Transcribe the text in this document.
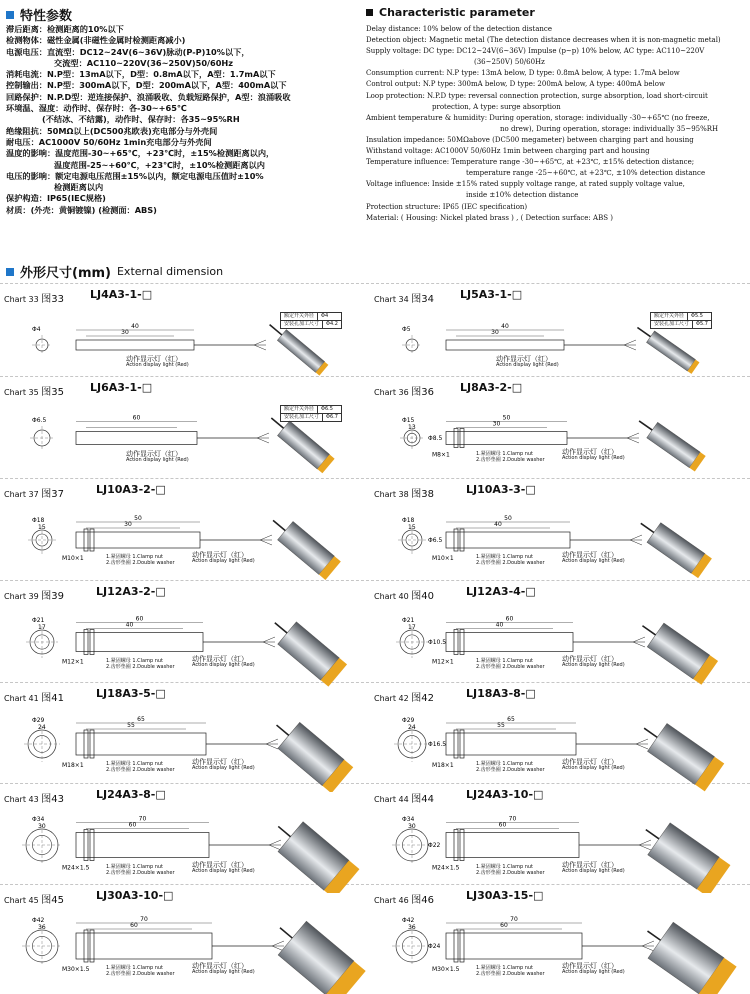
特性参数	Characteristic parameter
滞后距离：检测距离的10%以下
检测物体：磁性金属(非磁性金属时检测距离减小)
电源电压：直流型：DC12~24V(6~36V)脉动(P-P)10%以下，
交流型：AC110~220V(36~250V)50/60Hz
消耗电流：N.P型：13mA以下，D型：0.8mA以下，A型：1.7mA以下
控制输出：N.P型：300mA以下，D型：200mA以下，A型：400mA以下
回路保护：N.P.D型：逆连接保护、浪涌吸收、负载短路保护，A型：浪涌吸收
环境温、湿度：动作时、保存时：各-30~+65℃
(不结冰、不结露)，动作时、保存时：各35~95%RH
绝缘阻抗：50MΩ以上(DC500兆欧表)充电部分与外壳间
耐电压：AC1000V 50/60Hz 1min充电部分与外壳间
温度的影响：温度范围-30~+65℃，+23℃时，±15%检测距离以内，
温度范围-25~+60℃，+23℃时，±10%检测距离以内
电压的影响：额定电源电压范围±15%以内，额定电源电压值时±10%
检测距离以内
保护构造：IP65(IEC规格)
材质：(外壳：黄铜镀镍) (检测面：ABS)
Delay distance: 10% below of the detection distance
Detection object: Magnetic metal (The detection distance decreases when it is non-magnetic metal)
Supply voltage: DC type: DC12~24V(6~36V) Impulse (p~p) 10% below, AC type: AC110~220V
(36~250V) 50/60Hz
Consumption current: N.P type: 13mA below, D type: 0.8mA below, A type: 1.7mA below
Control output: N.P type: 300mA below, D type: 200mA below, A type: 400mA below
Loop protection: N.P.D type: reversal connection protection, surge absorption, load short-circuit
protection, A type: surge absorption
Ambient temperature & humidity: During operation, storage: individually -30~+65℃ (no freeze,
no drew), During operation, storage: individually 35~95%RH
Insulation impedance: 50MΩabove (DC500 megameter) between charging part and housing
Withstand voltage: AC1000V 50/60Hz 1min between charging part and housing
Temperature influence: Temperature range -30~+65℃, at +23℃, ±15% detection distance;
temperature range -25~+60℃, at +23℃, ±10% detection distance
Voltage influence: Inside ±15% rated supply voltage range, at rated supply voltage value,
inside ±10% detection distance
Protection structure: IP65 (IEC specification)
Material: ( Housing: Nickel plated brass ) , ( Detection surface: ABS )
外形尺寸(mm) External dimension
Chart 33 图33 LJ4A3-1-□
40
30
Φ4
动作显示灯（红）
Action display light (Red)
额定开关外径	Φ4
安装孔加工尺寸	Φ4.2
Chart 34 图34 LJ5A3-1-□
40
30
Φ5
动作显示灯（红）
Action display light (Red)
额定开关外径	Φ5.5
安装孔加工尺寸	Φ5.7
Chart 35 图35 LJ6A3-1-□
60
Φ6.5
动作显示灯（红）
Action display light (Red)
额定开关外径	Φ6.5
安装孔加工尺寸	Φ6.7
Chart 36 图36 LJ8A3-2-□
50
30
Φ15
13
Φ8.5
M8×1	1.紧固螺母 1.Clamp nut
2.齿形垫圈 2.Double washer
动作显示灯（红）
Action display light (Red)
Chart 37 图37	LJ10A3-2-□
50
30
Φ18
15
M10×1	1.紧固螺母 1.Clamp nut
2.齿形垫圈 2.Double washer
动作显示灯（红）
Action display light (Red)
Chart 38 图38	LJ10A3-3-□
50
40
Φ18
15
Φ6.5
M10×1	1.紧固螺母 1.Clamp nut
2.齿形垫圈 2.Double washer
动作显示灯（红）
Action display light (Red)
Chart 39 图39	LJ12A3-2-□
60
40
Φ21
17
M12×1	1.紧固螺母 1.Clamp nut
2.齿形垫圈 2.Double washer
动作显示灯（红）
Action display light (Red)
Chart 40 图40	LJ12A3-4-□
60
40
Φ21
17
Φ10.5
M12×1	1.紧固螺母 1.Clamp nut
2.齿形垫圈 2.Double washer
动作显示灯（红）
Action display light (Red)
Chart 41 图41	LJ18A3-5-□
65
55
Φ29
24
M18×1	1.紧固螺母 1.Clamp nut
2.齿形垫圈 2.Double washer
动作显示灯（红）
Action display light (Red)
Chart 42 图42	LJ18A3-8-□
65
55
Φ29
24
Φ16.5
M18×1	1.紧固螺母 1.Clamp nut
2.齿形垫圈 2.Double washer
动作显示灯（红）
Action display light (Red)
Chart 43 图43	LJ24A3-8-□
70
60
Φ34
30
M24×1.5	1.紧固螺母 1.Clamp nut
2.齿形垫圈 2.Double washer
动作显示灯（红）
Action display light (Red)
Chart 44 图44	LJ24A3-10-□
70
60
Φ34
30
Φ22
M24×1.5	1.紧固螺母 1.Clamp nut
2.齿形垫圈 2.Double washer
动作显示灯（红）
Action display light (Red)
Chart 45 图45	LJ30A3-10-□
70
60
Φ42
36
M30×1.5	1.紧固螺母 1.Clamp nut
2.齿形垫圈 2.Double washer
动作显示灯（红）
Action display light (Red)
Chart 46 图46	LJ30A3-15-□
70
60
Φ42
36
Φ24
M30×1.5	1.紧固螺母 1.Clamp nut
2.齿形垫圈 2.Double washer
动作显示灯（红）
Action display light (Red)
